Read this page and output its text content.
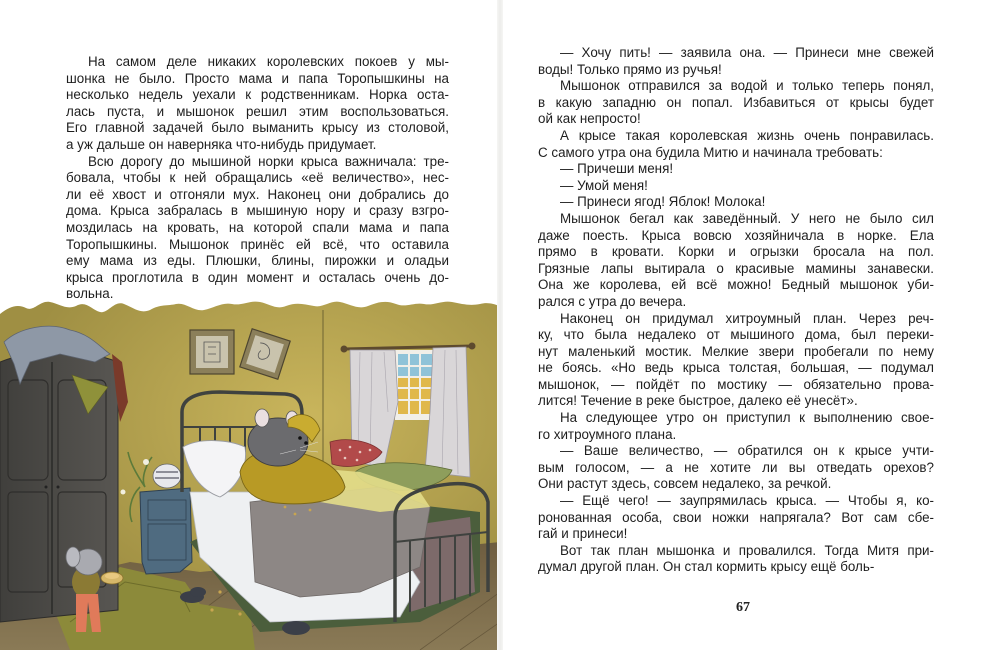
На самом деле никаких королевских покоев у мы-
шонка не было. Просто мама и папа Торопышкины на
несколько недель уехали к родственникам. Норка оста-
лась пуста, и мышонок решил этим воспользоваться.
Его главной задачей было выманить крысу из столовой,
а уж дальше он наверняка что-нибудь придумает.
Всю дорогу до мышиной норки крыса важничала: тре-
бовала, чтобы к ней обращались «её величество», нес-
ли её хвост и отгоняли мух. Наконец они добрались до
дома. Крыса забралась в мышиную нору и сразу взгро-
моздилась на кровать, на которой спали мама и папа
Торопышкины. Мышонок принёс ей всё, что оставила
ему мама из еды. Плюшки, блины, пирожки и оладьи
крыса проглотила в один момент и осталась очень до-
вольна.
— Хочу пить! — заявила она. — Принеси мне свежей
воды! Только прямо из ручья!
Мышонок отправился за водой и только теперь понял,
в какую западню он попал. Избавиться от крысы будет
ой как непросто!
А крысе такая королевская жизнь очень понравилась.
С самого утра она будила Митю и начинала требовать:
— Причеши меня!
— Умой меня!
— Принеси ягод! Яблок! Молока!
Мышонок бегал как заведённый. У него не было сил
даже поесть. Крыса вовсю хозяйничала в норке. Ела
прямо в кровати. Корки и огрызки бросала на пол.
Грязные лапы вытирала о красивые мамины занавески.
Она же королева, ей всё можно! Бедный мышонок уби-
рался с утра до вечера.
Наконец он придумал хитроумный план. Через реч-
ку, что была недалеко от мышиного дома, был переки-
нут маленький мостик. Мелкие звери пробегали по нему
не боясь. «Но ведь крыса толстая, большая, — подумал
мышонок, — пойдёт по мостику — обязательно прова-
лится! Течение в реке быстрое, далеко её унесёт».
На следующее утро он приступил к выполнению свое-
го хитроумного плана.
— Ваше величество, — обратился он к крысе учти-
вым голосом, — а не хотите ли вы отведать орехов?
Они растут здесь, совсем недалеко, за речкой.
— Ещё чего! — заупрямилась крыса. — Чтобы я, ко-
ронованная особа, свои ножки напрягала? Вот сам сбе-
гай и принеси!
Вот так план мышонка и провалился. Тогда Митя при-
думал другой план. Он стал кормить крысу ещё боль-
67
